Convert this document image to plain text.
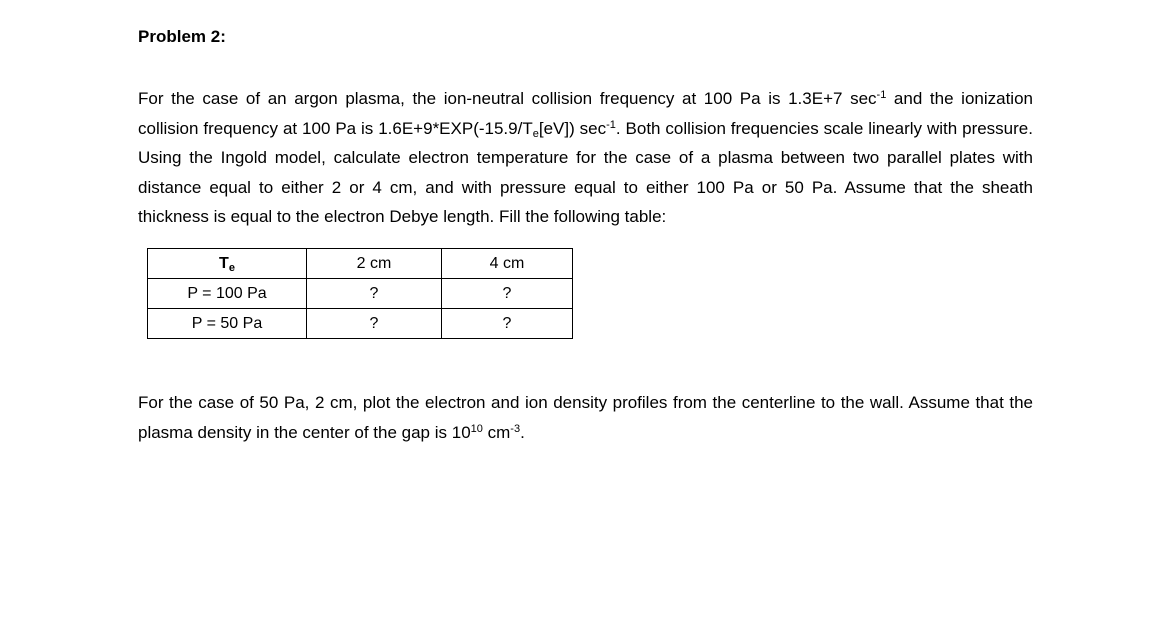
Problem 2:

For the case of an argon plasma, the ion-neutral collision frequency at 100 Pa is 1.3E+7 $\sec^{-1}$ and the ionization collision frequency at 100 Pa is $1.6E+9*EXP(-15.9/T_e[eV])$ $\sec^{-1}$. Both collision frequencies scale linearly with pressure. Using the Ingold model, calculate electron temperature for the case of a plasma between two parallel plates with distance equal to either 2 or 4 cm, and with pressure equal to either 100 Pa or 50 Pa. Assume that the sheath thickness is equal to the electron Debye length. Fill the following table:

$T_e$	2 cm	4 cm
P = 100 Pa	?	?
P = 50 Pa	?	?

For the case of 50 Pa, 2 cm, plot the electron and ion density profiles from the centerline to the wall. Assume that the plasma density in the center of the gap is $10^{10}$ $cm^{-3}$.
